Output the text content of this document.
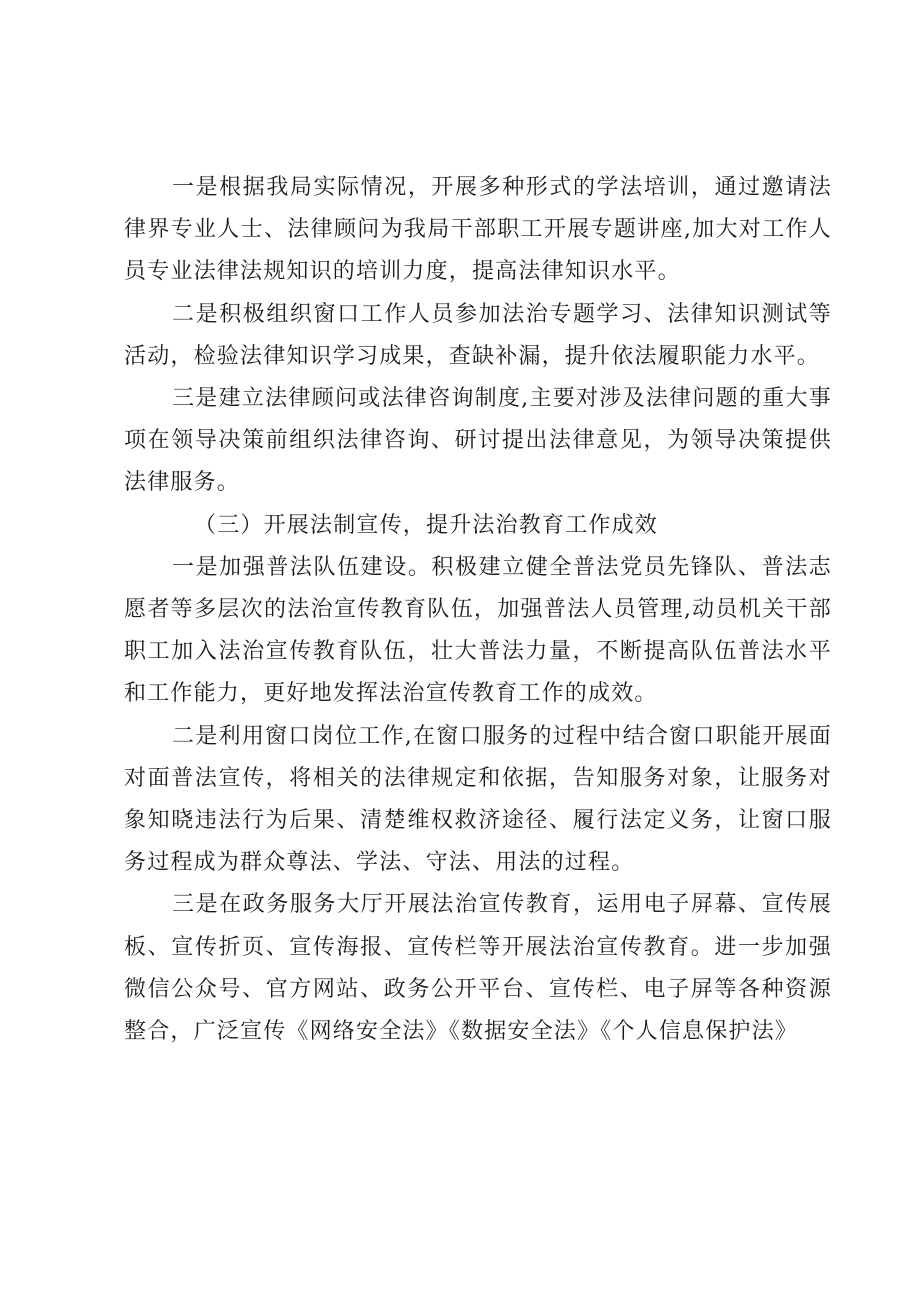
一是根据我局实际情况，开展多种形式的学法培训，通过邀请法律界专业人士、法律顾问为我局干部职工开展专题讲座,加大对工作人员专业法律法规知识的培训力度，提高法律知识水平。

二是积极组织窗口工作人员参加法治专题学习、法律知识测试等活动，检验法律知识学习成果，查缺补漏，提升依法履职能力水平。

三是建立法律顾问或法律咨询制度,主要对涉及法律问题的重大事项在领导决策前组织法律咨询、研讨提出法律意见，为领导决策提供法律服务。

（三）开展法制宣传，提升法治教育工作成效

一是加强普法队伍建设。积极建立健全普法党员先锋队、普法志愿者等多层次的法治宣传教育队伍，加强普法人员管理,动员机关干部职工加入法治宣传教育队伍，壮大普法力量，不断提高队伍普法水平和工作能力，更好地发挥法治宣传教育工作的成效。

二是利用窗口岗位工作,在窗口服务的过程中结合窗口职能开展面对面普法宣传，将相关的法律规定和依据，告知服务对象，让服务对象知晓违法行为后果、清楚维权救济途径、履行法定义务，让窗口服务过程成为群众尊法、学法、守法、用法的过程。

三是在政务服务大厅开展法治宣传教育，运用电子屏幕、宣传展板、宣传折页、宣传海报、宣传栏等开展法治宣传教育。进一步加强微信公众号、官方网站、政务公开平台、宣传栏、电子屏等各种资源整合，广泛宣传《网络安全法》《数据安全法》《个人信息保护法》
